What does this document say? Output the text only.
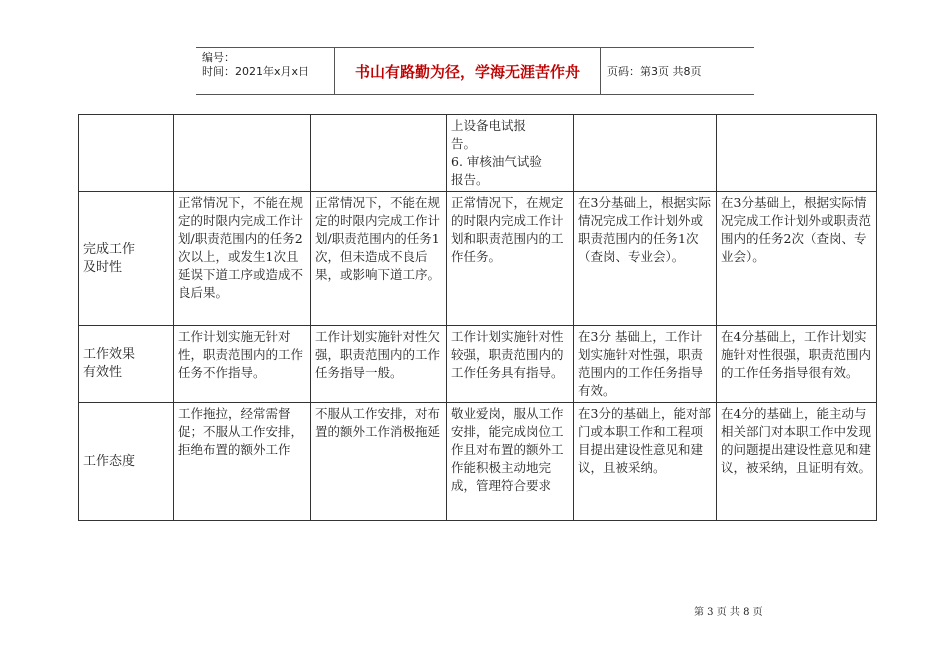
编号：
时间：2021年x月x日	书山有路勤为径，学海无涯苦作舟	页码：第3页 共8页
			上设备电试报
告。
6. 审核油气试验
报告。		
完成工作
及时性	正常情况下，不能在规定的时限内完成工作计划/职责范围内的任务2次以上，或发生1次且延误下道工序或造成不良后果。	正常情况下，不能在规定的时限内完成工作计划/职责范围内的任务1次，但未造成不良后果，或影响下道工序。	正常情况下，在规定的时限内完成工作计划和职责范围内的工作任务。	在3分基础上，根据实际情况完成工作计划外或职责范围内的任务1次（查岗、专业会）。	在3分基础上，根据实际情况完成工作计划外或职责范围内的任务2次（查岗、专业会）。
工作效果
有效性	工作计划实施无针对性，职责范围内的工作任务不作指导。	工作计划实施针对性欠强，职责范围内的工作任务指导一般。	工作计划实施针对性较强，职责范围内的工作任务具有指导。	在3分 基础上，工作计划实施针对性强，职责范围内的工作任务指导有效。	在4分基础上，工作计划实施针对性很强，职责范围内的工作任务指导很有效。
工作态度	工作拖拉，经常需督促；不服从工作安排，拒绝布置的额外工作	不服从工作安排，对布置的额外工作消极拖延	敬业爱岗，服从工作安排，能完成岗位工作且对布置的额外工作能积极主动地完成，管理符合要求	在3分的基础上，能对部门或本职工作和工程项目提出建设性意见和建议，且被采纳。	在4分的基础上，能主动与相关部门对本职工作中发现的问题提出建设性意见和建议，被采纳，且证明有效。
第 3 页 共 8 页
